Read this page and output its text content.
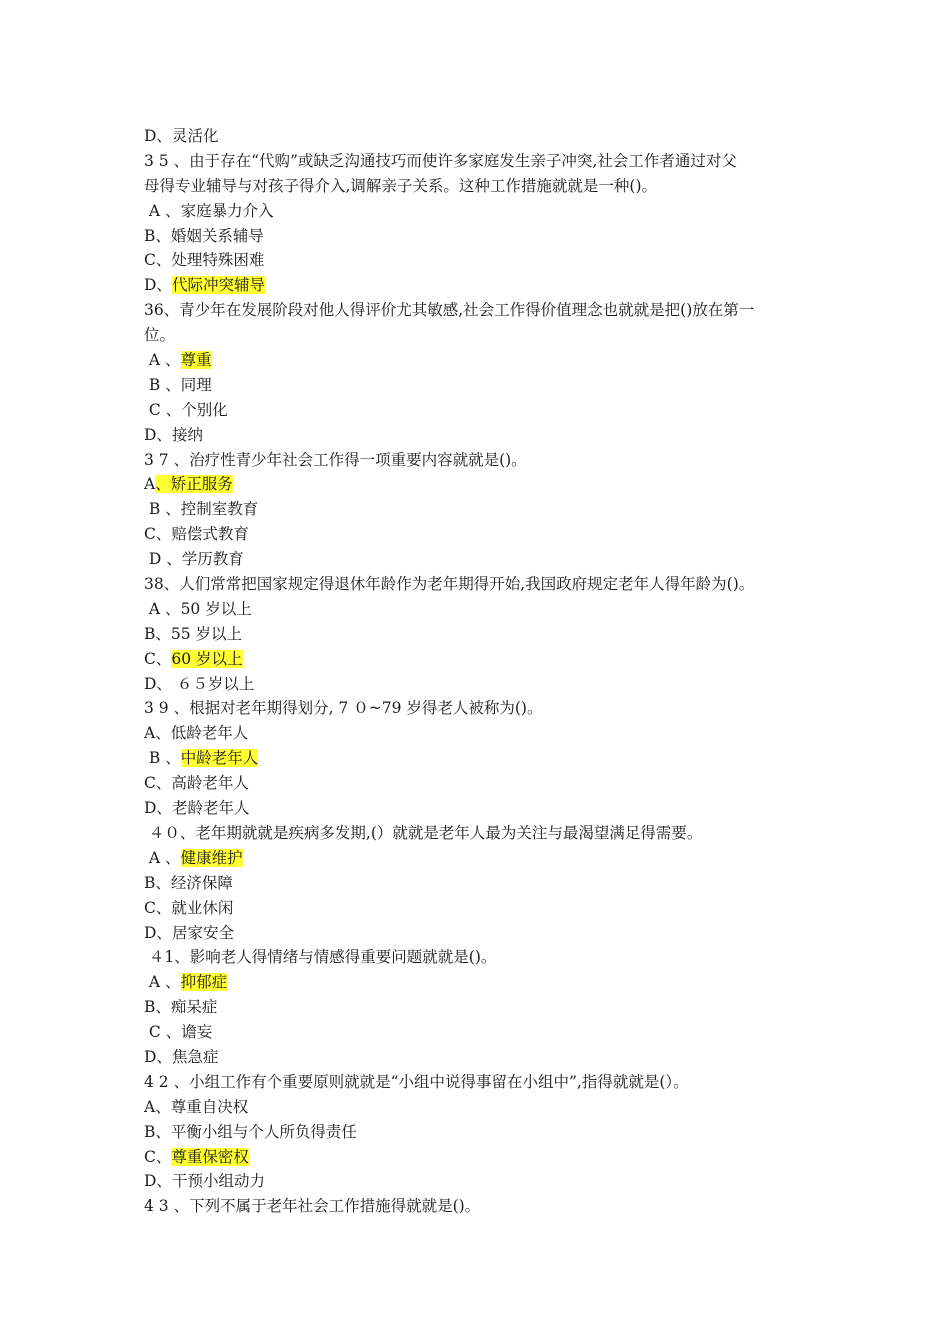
D、灵活化
3 5 、由于存在“代购”或缺乏沟通技巧而使许多家庭发生亲子冲突,社会工作者通过对父
母得专业辅导与对孩子得介入,调解亲子关系。这种工作措施就就是一种()。
A 、家庭暴力介入
B、婚姻关系辅导
C、处理特殊困难
D、代际冲突辅导
36、青少年在发展阶段对他人得评价尤其敏感,社会工作得价值理念也就就是把()放在第一
位。
A 、尊重
B 、同理
C 、个别化
D、接纳
3 7 、治疗性青少年社会工作得一项重要内容就就是()。
A、矫正服务
B 、控制室教育
C、赔偿式教育
D 、学历教育
38、人们常常把国家规定得退休年龄作为老年期得开始,我国政府规定老年人得年龄为()。
A 、50 岁以上
B、55 岁以上
C、60 岁以上
D、 ６５岁以上
3 9 、根据对老年期得划分, 7 ０~79 岁得老人被称为()。
A、低龄老年人
B 、中龄老年人
C、高龄老年人
D、老龄老年人
４０、老年期就就是疾病多发期,(）就就是老年人最为关注与最渴望满足得需要。
A 、健康维护
B、经济保障
C、就业休闲
D、居家安全
４1、影响老人得情绪与情感得重要问题就就是()。
A 、抑郁症
B、痴呆症
C 、谵妄
D、焦急症
4 2 、小组工作有个重要原则就就是“小组中说得事留在小组中”,指得就就是(）。
A、尊重自决权
B、平衡小组与个人所负得责任
C、尊重保密权
D、干预小组动力
4 3 、下列不属于老年社会工作措施得就就是()。
